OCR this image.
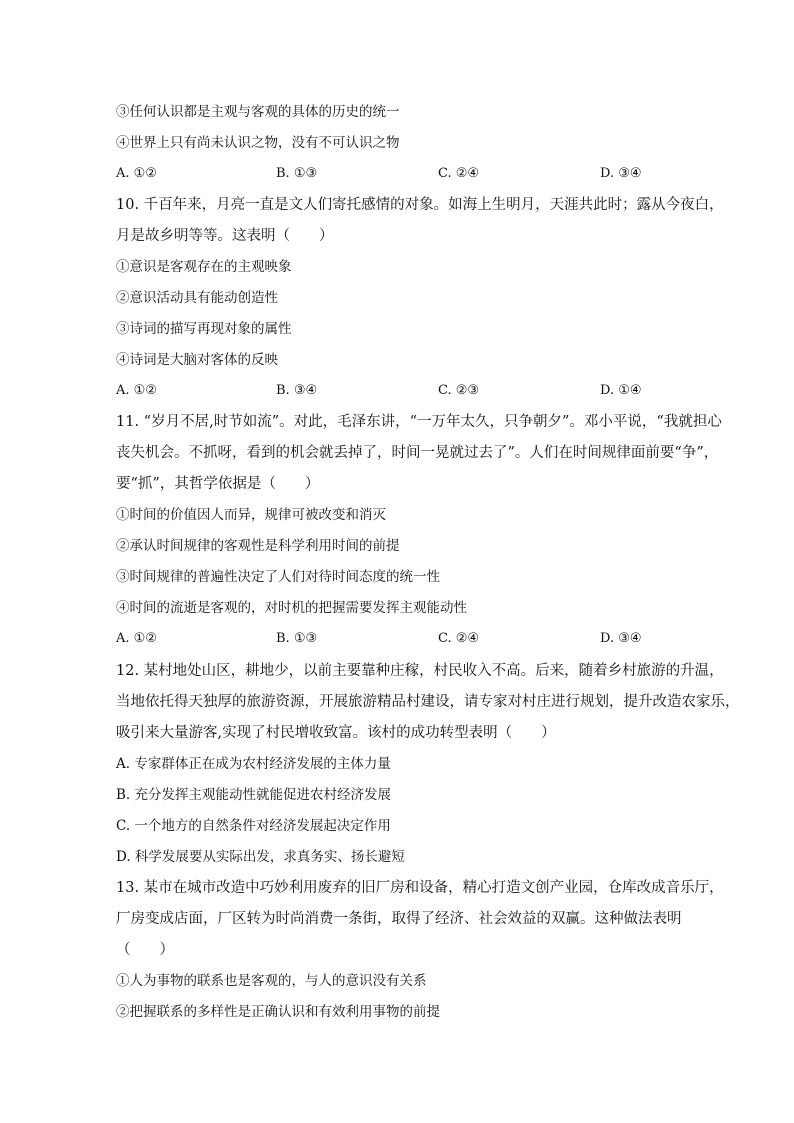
③任何认识都是主观与客观的具体的历史的统一
④世界上只有尚未认识之物，没有不可认识之物
A. ①②	B. ①③	C. ②④	D. ③④
10. 千百年来，月亮一直是文人们寄托感情的对象。如海上生明月，天涯共此时；露从今夜白，
月是故乡明等等。这表明（　　）
①意识是客观存在的主观映象
②意识活动具有能动创造性
③诗词的描写再现对象的属性
④诗词是大脑对客体的反映
A. ①②	B. ③④	C. ②③	D. ①④
11. “岁月不居,时节如流”。对此，毛泽东讲，“一万年太久，只争朝夕”。邓小平说，“我就担心
丧失机会。不抓呀，看到的机会就丢掉了，时间一晃就过去了”。人们在时间规律面前要“争”，
要“抓”，其哲学依据是（　　）
①时间的价值因人而异，规律可被改变和消灭
②承认时间规律的客观性是科学利用时间的前提
③时间规律的普遍性决定了人们对待时间态度的统一性
④时间的流逝是客观的，对时机的把握需要发挥主观能动性
A. ①②	B. ①③	C. ②④	D. ③④
12. 某村地处山区，耕地少，以前主要靠种庄稼，村民收入不高。后来，随着乡村旅游的升温，
当地依托得天独厚的旅游资源，开展旅游精品村建设，请专家对村庄进行规划，提升改造农家乐，
吸引来大量游客,实现了村民增收致富。该村的成功转型表明（　　）
A. 专家群体正在成为农村经济发展的主体力量
B. 充分发挥主观能动性就能促进农村经济发展
C. 一个地方的自然条件对经济发展起决定作用
D. 科学发展要从实际出发，求真务实、扬长避短
13. 某市在城市改造中巧妙利用废弃的旧厂房和设备，精心打造文创产业园，仓库改成音乐厅，
厂房变成店面，厂区转为时尚消费一条街，取得了经济、社会效益的双赢。这种做法表明
（　　）
①人为事物的联系也是客观的，与人的意识没有关系
②把握联系的多样性是正确认识和有效利用事物的前提
